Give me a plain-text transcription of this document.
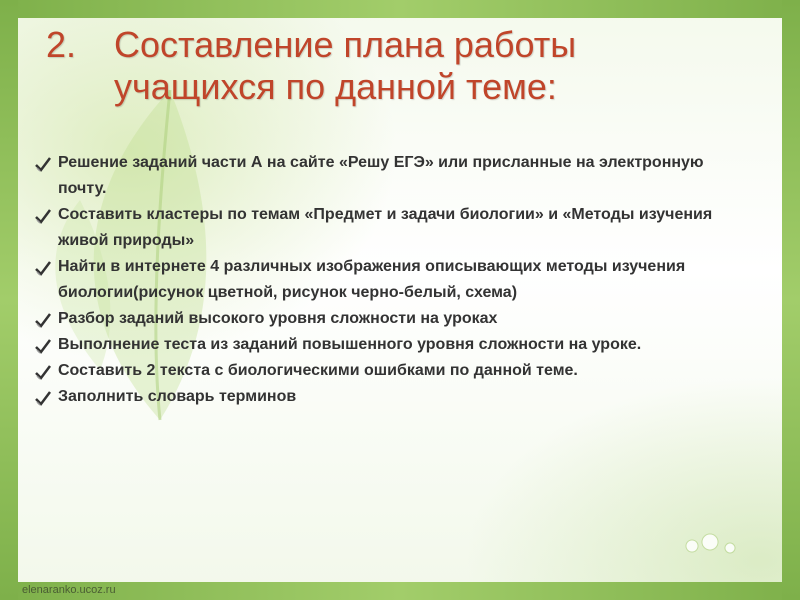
2.	Составление плана работы учащихся по данной теме:
Решение заданий части А на сайте «Решу ЕГЭ» или присланные на электронную почту.
Составить кластеры по темам «Предмет и задачи биологии» и «Методы изучения живой природы»
Найти в интернете 4 различных изображения описывающих методы изучения биологии(рисунок цветной, рисунок черно-белый, схема)
Разбор заданий высокого уровня сложности на уроках
Выполнение теста из заданий повышенного уровня сложности на уроке.
Составить 2 текста с биологическими ошибками по данной теме.
Заполнить словарь терминов
elenaranko.ucoz.ru
